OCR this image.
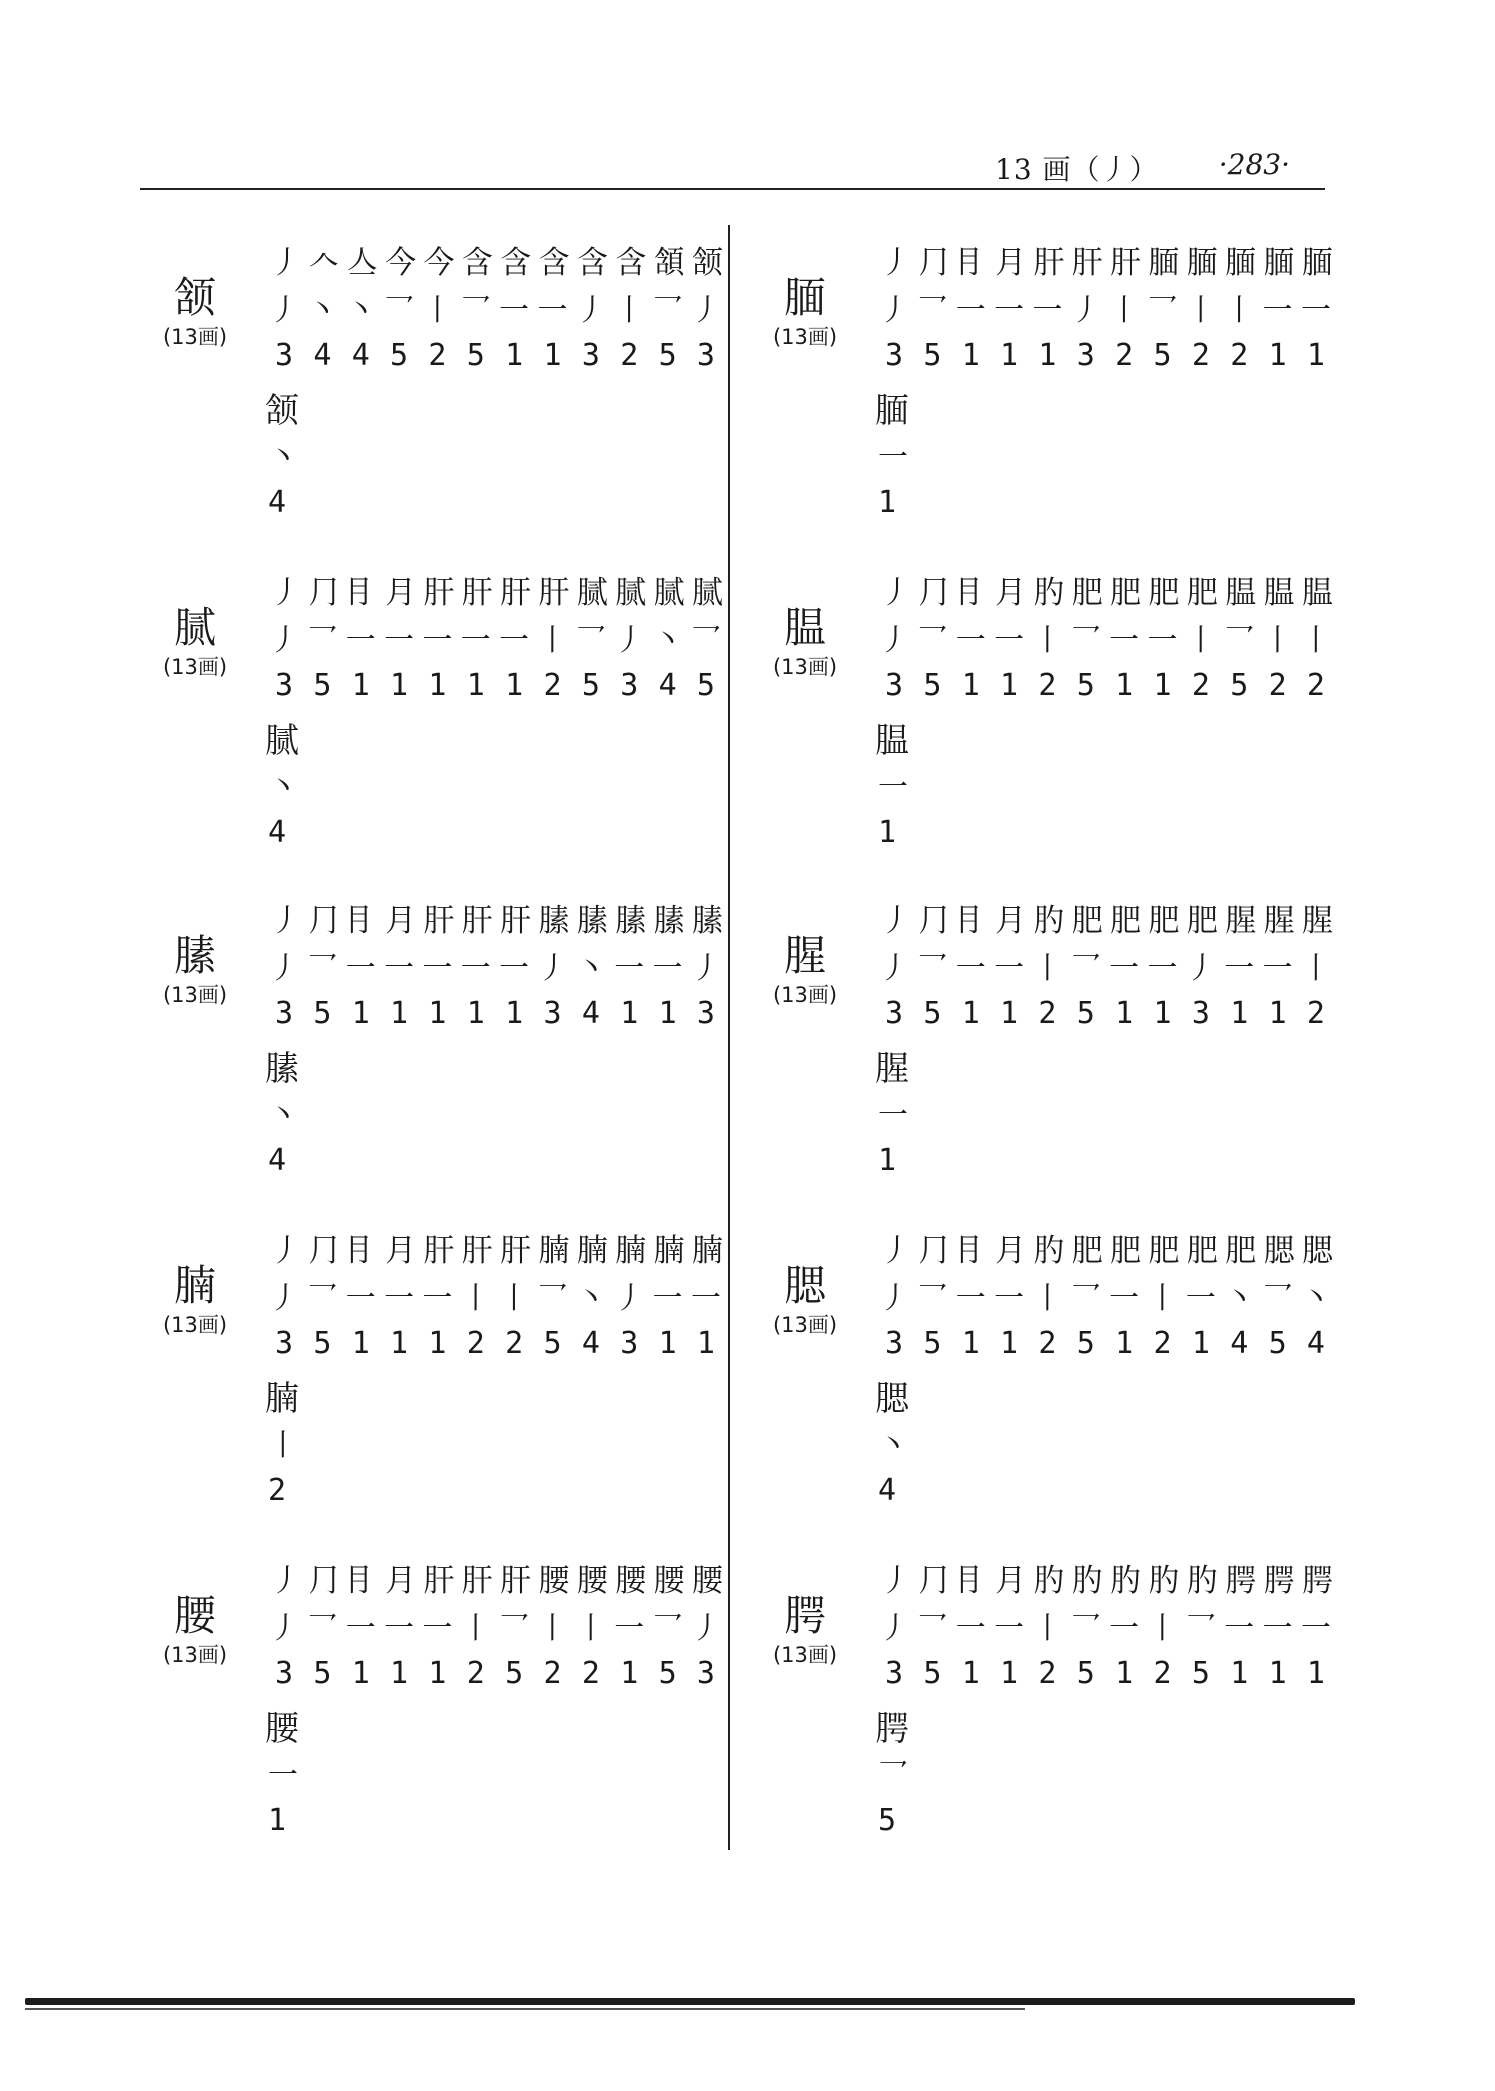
13 画（丿） ·283·
颔
(13画)
丿 𠆢 亼 今 今 含 含 含 含 含 頷 颔
丿 丶 丶 乛 丨 乛 一 一 丿 丨 乛 丿
3 4 4 5 2 5 1 1 3 2 5 3
颔
丶
4
腼
(13画)
丿 ⺆ ⺝ 月 肝 肝 肝 腼 腼 腼 腼 腼
丿 乛 一 一 一 丿 丨 乛 丨 丨 一 一
3 5 1 1 1 3 2 5 2 2 1 1
腼
一
1
腻
(13画)
丿 ⺆ ⺝ 月 肝 肝 肝 肝 腻 腻 腻 腻
丿 乛 一 一 一 一 一 丨 乛 丿 丶 乛
3 5 1 1 1 1 1 2 5 3 4 5
腻
丶
4
腽
(13画)
丿 ⺆ ⺝ 月 肑 肥 肥 肥 肥 腽 腽 腽
丿 乛 一 一 丨 乛 一 一 丨 乛 丨 丨
3 5 1 1 2 5 1 1 2 5 2 2
腽
一
1
膆
(13画)
丿 ⺆ ⺝ 月 肝 肝 肝 膆 膆 膆 膆 膆
丿 乛 一 一 一 一 一 丿 丶 一 一 丿
3 5 1 1 1 1 1 3 4 1 1 3
膆
丶
4
腥
(13画)
丿 ⺆ ⺝ 月 肑 肥 肥 肥 肥 腥 腥 腥
丿 乛 一 一 丨 乛 一 一 丿 一 一 丨
3 5 1 1 2 5 1 1 3 1 1 2
腥
一
1
腩
(13画)
丿 ⺆ ⺝ 月 肝 肝 肝 腩 腩 腩 腩 腩
丿 乛 一 一 一 丨 丨 乛 丶 丿 一 一
3 5 1 1 1 2 2 5 4 3 1 1
腩
丨
2
腮
(13画)
丿 ⺆ ⺝ 月 肑 肥 肥 肥 肥 肥 腮 腮
丿 乛 一 一 丨 乛 一 丨 一 丶 乛 丶
3 5 1 1 2 5 1 2 1 4 5 4
腮
丶
4
腰
(13画)
丿 ⺆ ⺝ 月 肝 肝 肝 腰 腰 腰 腰 腰
丿 乛 一 一 一 丨 乛 丨 丨 一 乛 丿
3 5 1 1 1 2 5 2 2 1 5 3
腰
一
1
腭
(13画)
丿 ⺆ ⺝ 月 肑 肑 肑 肑 肑 腭 腭 腭
丿 乛 一 一 丨 乛 一 丨 乛 一 一 一
3 5 1 1 2 5 1 2 5 1 1 1
腭
乛
5
